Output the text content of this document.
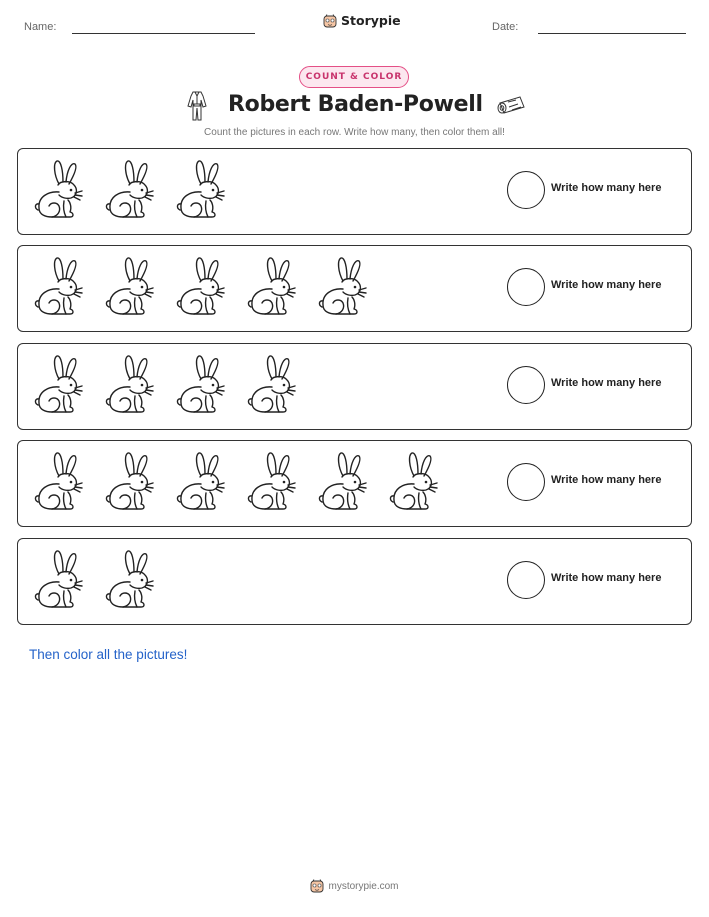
Name:	Storypie	Date:
COUNT & COLOR
Robert Baden-Powell
Count the pictures in each row. Write how many, then color them all!
Write how many here
Write how many here
Write how many here
Write how many here
Write how many here
Then color all the pictures!
mystorypie.com
